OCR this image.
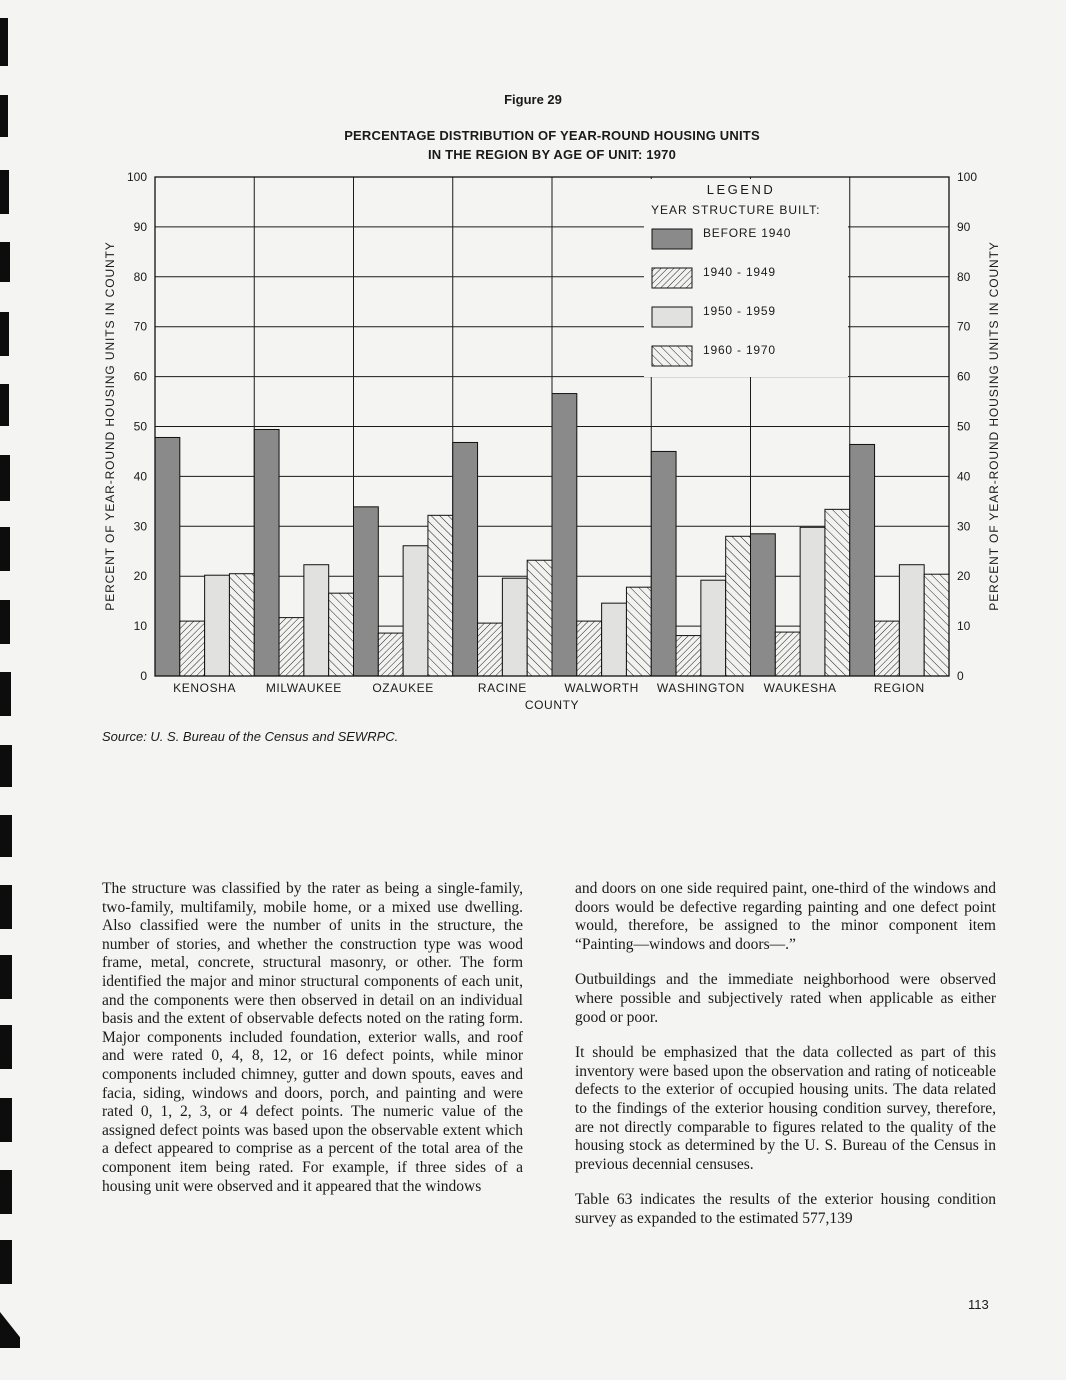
Figure 29
PERCENTAGE DISTRIBUTION OF YEAR-ROUND HOUSING UNITS
IN THE REGION BY AGE OF UNIT: 1970
0	0
10	10
20	20
30	30
40	40
50	50
60	60
70	70
80	80
90	90
100	100
KENOSHA MILWAUKEE	OZAUKEE	RACINE	WALWORTH WASHINGTON WAUKESHA	REGION
COUNTY
PERCENT OF YEAR-ROUND HOUSING UNITS IN COUNTY	PERCENT OF YEAR-ROUND HOUSING UNITS IN COUNTY
LEGEND
YEAR STRUCTURE BUILT:
BEFORE 1940
1940 - 1949
1950 - 1959
1960 - 1970
Source: U. S. Bureau of the Census and SEWRPC.

The structure was classified by the rater as being a single-family, two-family, multifamily, mobile home, or a mixed use dwelling. Also classified were the number of units in the structure, the number of stories, and whether the construction type was wood frame, metal, concrete, structural masonry, or other. The form identified the major and minor structural components of each unit, and the components were then observed in detail on an individual basis and the extent of observable defects noted on the rating form. Major components included foundation, exterior walls, and roof and were rated 0, 4, 8, 12, or 16 defect points, while minor components included chimney, gutter and down spouts, eaves and facia, siding, windows and doors, porch, and painting and were rated 0, 1, 2, 3, or 4 defect points. The numeric value of the assigned defect points was based upon the observable extent which a defect appeared to comprise as a percent of the total area of the component item being rated. For example, if three sides of a housing unit were observed and it appeared that the windows

and doors on one side required paint, one-third of the windows and doors would be defective regarding painting and one defect point would, therefore, be assigned to the minor component item “Painting—windows and doors—.”

Outbuildings and the immediate neighborhood were observed where possible and subjectively rated when applicable as either good or poor.

It should be emphasized that the data collected as part of this inventory were based upon the observation and rating of noticeable defects to the exterior of occupied housing units. The data related to the findings of the exterior housing condition survey, therefore, are not directly comparable to figures related to the quality of the housing stock as determined by the U. S. Bureau of the Census in previous decennial censuses.

Table 63 indicates the results of the exterior housing condition survey as expanded to the estimated 577,139

113
